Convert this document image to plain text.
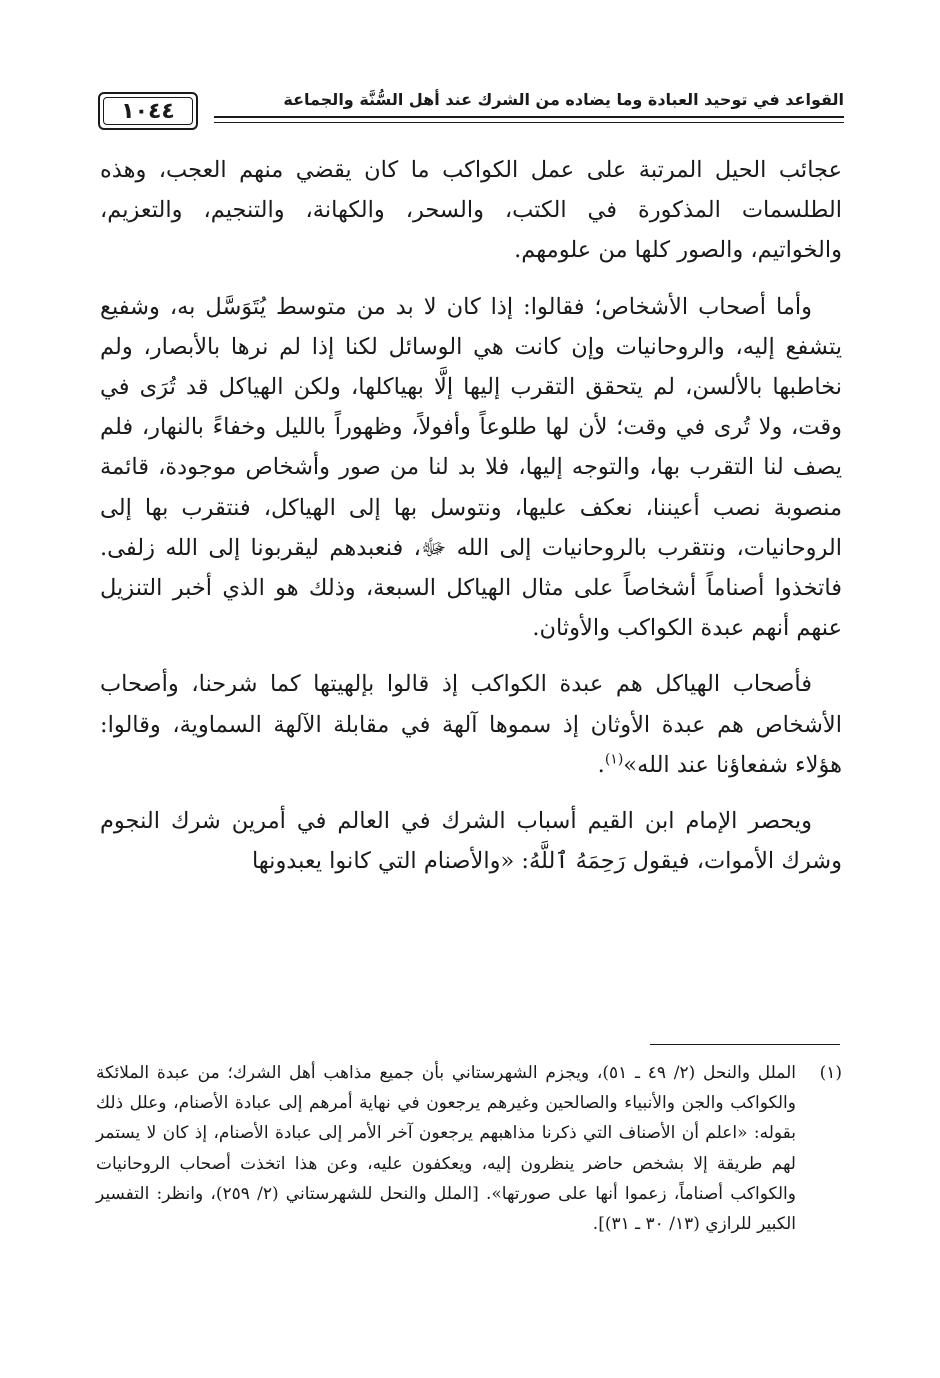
القواعد في توحيد العبادة وما يضاده من الشرك عند أهل السُّنَّة والجماعة
١٠٤٤

عجائب الحيل المرتبة على عمل الكواكب ما كان يقضي منهم العجب، وهذه الطلسمات المذكورة في الكتب، والسحر، والكهانة، والتنجيم، والتعزيم، والخواتيم، والصور كلها من علومهم.

وأما أصحاب الأشخاص؛ فقالوا: إذا كان لا بد من متوسط يُتَوَسَّل به، وشفيع يتشفع إليه، والروحانيات وإن كانت هي الوسائل لكنا إذا لم نرها بالأبصار، ولم نخاطبها بالألسن، لم يتحقق التقرب إليها إلَّا بهياكلها، ولكن الهياكل قد تُرَى في وقت، ولا تُرى في وقت؛ لأن لها طلوعاً وأفولاً، وظهوراً بالليل وخفاءً بالنهار، فلم يصف لنا التقرب بها، والتوجه إليها، فلا بد لنا من صور وأشخاص موجودة، قائمة منصوبة نصب أعيننا، نعكف عليها، ونتوسل بها إلى الهياكل، فنتقرب بها إلى الروحانيات، ونتقرب بالروحانيات إلى الله ﷻ، فنعبدهم ليقربونا إلى الله زلفى. فاتخذوا أصناماً أشخاصاً على مثال الهياكل السبعة، وذلك هو الذي أخبر التنزيل عنهم أنهم عبدة الكواكب والأوثان.

فأصحاب الهياكل هم عبدة الكواكب إذ قالوا بإلهيتها كما شرحنا، وأصحاب الأشخاص هم عبدة الأوثان إذ سموها آلهة في مقابلة الآلهة السماوية، وقالوا: هؤلاء شفعاؤنا عند الله»$^{(١)}$.

ويحصر الإمام ابن القيم أسباب الشرك في العالم في أمرين شرك النجوم وشرك الأموات، فيقول رَحِمَهُ ٱللَّهُ: «والأصنام التي كانوا يعبدونها

(١)
الملل والنحل (٢/ ٤٩ ـ ٥١)، ويجزم الشهرستاني بأن جميع مذاهب أهل الشرك؛ من عبدة الملائكة والكواكب والجن والأنبياء والصالحين وغيرهم يرجعون في نهاية أمرهم إلى عبادة الأصنام، وعلل ذلك بقوله: «اعلم أن الأصناف التي ذكرنا مذاهبهم يرجعون آخر الأمر إلى عبادة الأصنام، إذ كان لا يستمر لهم طريقة إلا بشخص حاضر ينظرون إليه، ويعكفون عليه، وعن هذا اتخذت أصحاب الروحانيات والكواكب أصناماً، زعموا أنها على صورتها». [الملل والنحل للشهرستاني (٢/ ٢٥٩)، وانظر: التفسير الكبير للرازي (١٣/ ٣٠ ـ ٣١)].
